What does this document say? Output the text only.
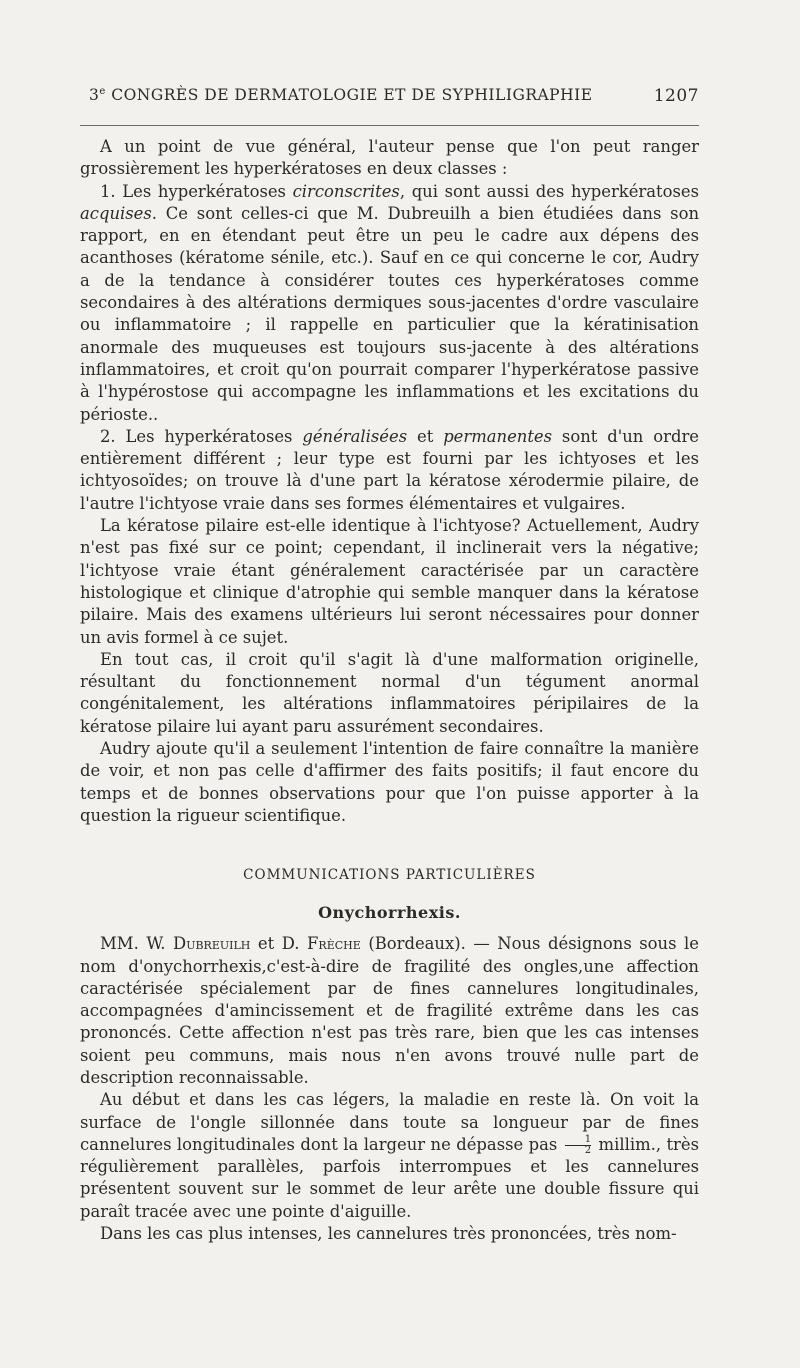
3e CONGRÈS DE DERMATOLOGIE ET DE SYPHILIGRAPHIE	1207

A un point de vue général, l'auteur pense que l'on peut ranger grossièrement les hyperkératoses en deux classes :

1. Les hyperkératoses circonscrites, qui sont aussi des hyperkératoses acquises. Ce sont celles-ci que M. Dubreuilh a bien étudiées dans son rapport, en en étendant peut être un peu le cadre aux dépens des acanthoses (kératome sénile, etc.). Sauf en ce qui concerne le cor, Audry a de la tendance à considérer toutes ces hyperkératoses comme secondaires à des altérations dermiques sous-jacentes d'ordre vasculaire ou inflammatoire ; il rappelle en particulier que la kératinisation anormale des muqueuses est toujours sus-jacente à des altérations inflammatoires, et croit qu'on pourrait comparer l'hyperkératose passive à l'hypérostose qui accompagne les inflammations et les excitations du périoste..

2. Les hyperkératoses généralisées et permanentes sont d'un ordre entièrement différent ; leur type est fourni par les ichtyoses et les ichtyosoïdes; on trouve là d'une part la kératose xérodermie pilaire, de l'autre l'ichtyose vraie dans ses formes élémentaires et vulgaires.

La kératose pilaire est-elle identique à l'ichtyose? Actuellement, Audry n'est pas fixé sur ce point; cependant, il inclinerait vers la négative; l'ichtyose vraie étant généralement caractérisée par un caractère histologique et clinique d'atrophie qui semble manquer dans la kératose pilaire. Mais des examens ultérieurs lui seront nécessaires pour donner un avis formel à ce sujet.

En tout cas, il croit qu'il s'agit là d'une malformation originelle, résultant du fonctionnement normal d'un tégument anormal congénitalement, les altérations inflammatoires péripilaires de la kératose pilaire lui ayant paru assurément secondaires.

Audry ajoute qu'il a seulement l'intention de faire connaître la manière de voir, et non pas celle d'affirmer des faits positifs; il faut encore du temps et de bonnes observations pour que l'on puisse apporter à la question la rigueur scientifique.

COMMUNICATIONS PARTICULIÈRES
Onychorrhexis.

MM. W. Dubreuilh et D. Frèche (Bordeaux). — Nous désignons sous le nom d'onychorrhexis,c'est-à-dire de fragilité des ongles,une affection caractérisée spécialement par de fines cannelures longitudinales, accompagnées d'amincissement et de fragilité extrême dans les cas prononcés. Cette affection n'est pas très rare, bien que les cas intenses soient peu communs, mais nous n'en avons trouvé nulle part de description reconnaissable.

Au début et dans les cas légers, la maladie en reste là. On voit la surface de l'ongle sillonnée dans toute sa longueur par de fines cannelures longitudinales dont la largeur ne dépasse pas $\frac{1}{2} millim$., très régulièrement parallèles, parfois interrompues et les cannelures présentent souvent sur le sommet de leur arête une double fissure qui paraît tracée avec une pointe d'aiguille.

Dans les cas plus intenses, les cannelures très prononcées, très nom-
